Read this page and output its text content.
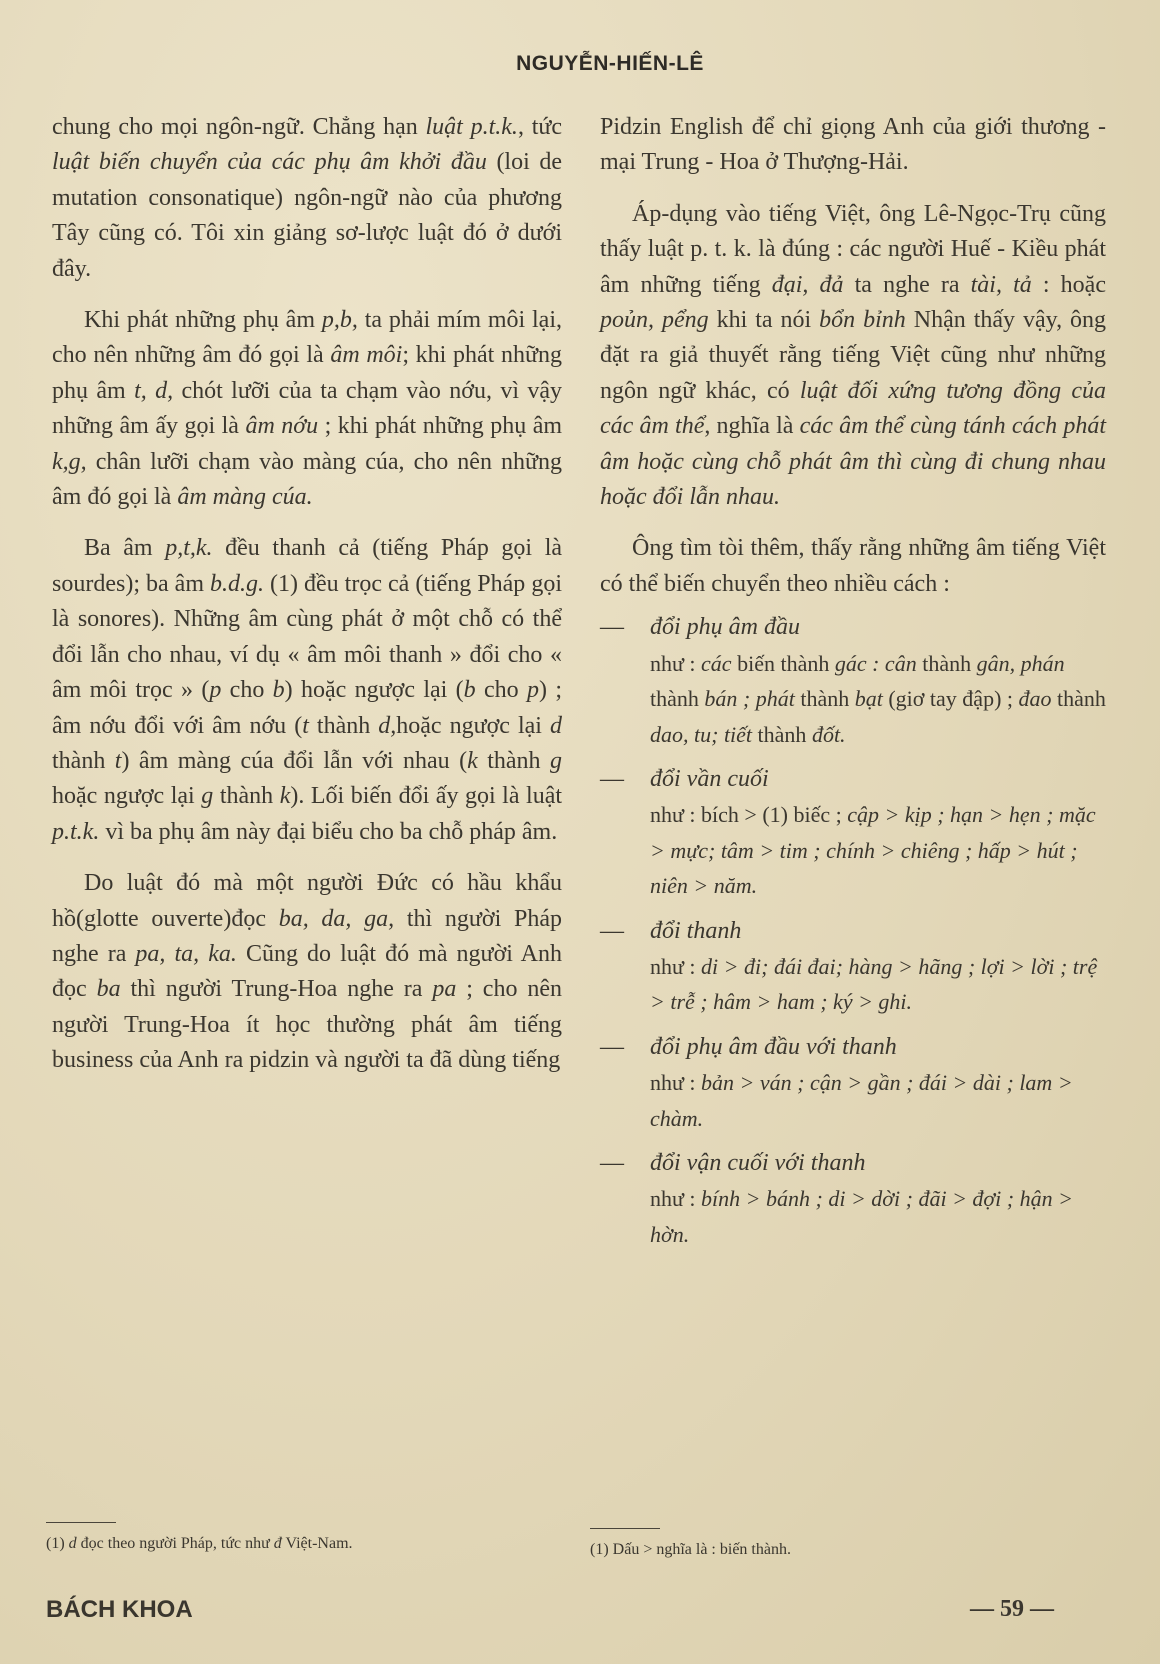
NGUYỄN-HIẾN-LÊ

chung cho mọi ngôn-ngữ. Chẳng hạn luật p.t.k., tức luật biến chuyển của các phụ âm khởi đầu (loi de mutation consonatique) ngôn-ngữ nào của phương Tây cũng có. Tôi xin giảng sơ-lược luật đó ở dưới đây.

Khi phát những phụ âm p,b, ta phải mím môi lại, cho nên những âm đó gọi là âm môi; khi phát những phụ âm t, d, chót lưỡi của ta chạm vào nớu, vì vậy những âm ấy gọi là âm nớu ; khi phát những phụ âm k,g, chân lưỡi chạm vào màng cúa, cho nên những âm đó gọi là âm màng cúa.

Ba âm p,t,k. đều thanh cả (tiếng Pháp gọi là sourdes); ba âm b.d.g. (1) đều trọc cả (tiếng Pháp gọi là sonores). Những âm cùng phát ở một chỗ có thể đổi lẫn cho nhau, ví dụ « âm môi thanh » đổi cho « âm môi trọc » (p cho b) hoặc ngược lại (b cho p) ; âm nớu đổi với âm nớu (t thành d,hoặc ngược lại d thành t) âm màng cúa đổi lẫn với nhau (k thành g hoặc ngược lại g thành k). Lối biến đổi ấy gọi là luật p.t.k. vì ba phụ âm này đại biểu cho ba chỗ pháp âm.

Do luật đó mà một người Đức có hầu khẩu hồ(glotte ouverte)đọc ba, da, ga, thì người Pháp nghe ra pa, ta, ka. Cũng do luật đó mà người Anh đọc ba thì người Trung-Hoa nghe ra pa ; cho nên người Trung-Hoa ít học thường phát âm tiếng business của Anh ra pidzin và người ta đã dùng tiếng

(1) d đọc theo người Pháp, tức như đ Việt-Nam.

Pidzin English để chỉ giọng Anh của giới thương - mại Trung - Hoa ở Thượng-Hải.

Áp-dụng vào tiếng Việt, ông Lê-Ngọc-Trụ cũng thấy luật p. t. k. là đúng : các người Huế - Kiều phát âm những tiếng đại, đả ta nghe ra tài, tả : hoặc poủn, pểng khi ta nói bổn bỉnh Nhận thấy vậy, ông đặt ra giả thuyết rằng tiếng Việt cũng như những ngôn ngữ khác, có luật đối xứng tương đồng của các âm thể, nghĩa là các âm thể cùng tánh cách phát âm hoặc cùng chỗ phát âm thì cùng đi chung nhau hoặc đổi lẫn nhau.

Ông tìm tòi thêm, thấy rằng những âm tiếng Việt có thể biến chuyển theo nhiều cách :

—	đổi phụ âm đầu
như : các biến thành gác : cân thành gân, phán thành bán ; phát thành bạt (giơ tay đập) ; đao thành dao, tu; tiết thành đốt.
—	đổi vần cuối
như : bích > (1) biếc ; cập > kịp ; hạn > hẹn ; mặc > mực; tâm > tim ; chính > chiêng ; hấp > hút ; niên > năm.
—	đổi thanh
như : di > đi; đái đai; hàng > hãng ; lợi > lời ; trệ > trễ ; hâm > ham ; ký > ghi.
—	đổi phụ âm đầu với thanh
như : bản > ván ; cận > gần ; đái > dài ; lam > chàm.
—	đổi vận cuối với thanh
như : bính > bánh ; di > dời ; đãi > đợi ; hận > hờn.
(1) Dấu > nghĩa là : biến thành.
BÁCH KHOA	— 59 —
